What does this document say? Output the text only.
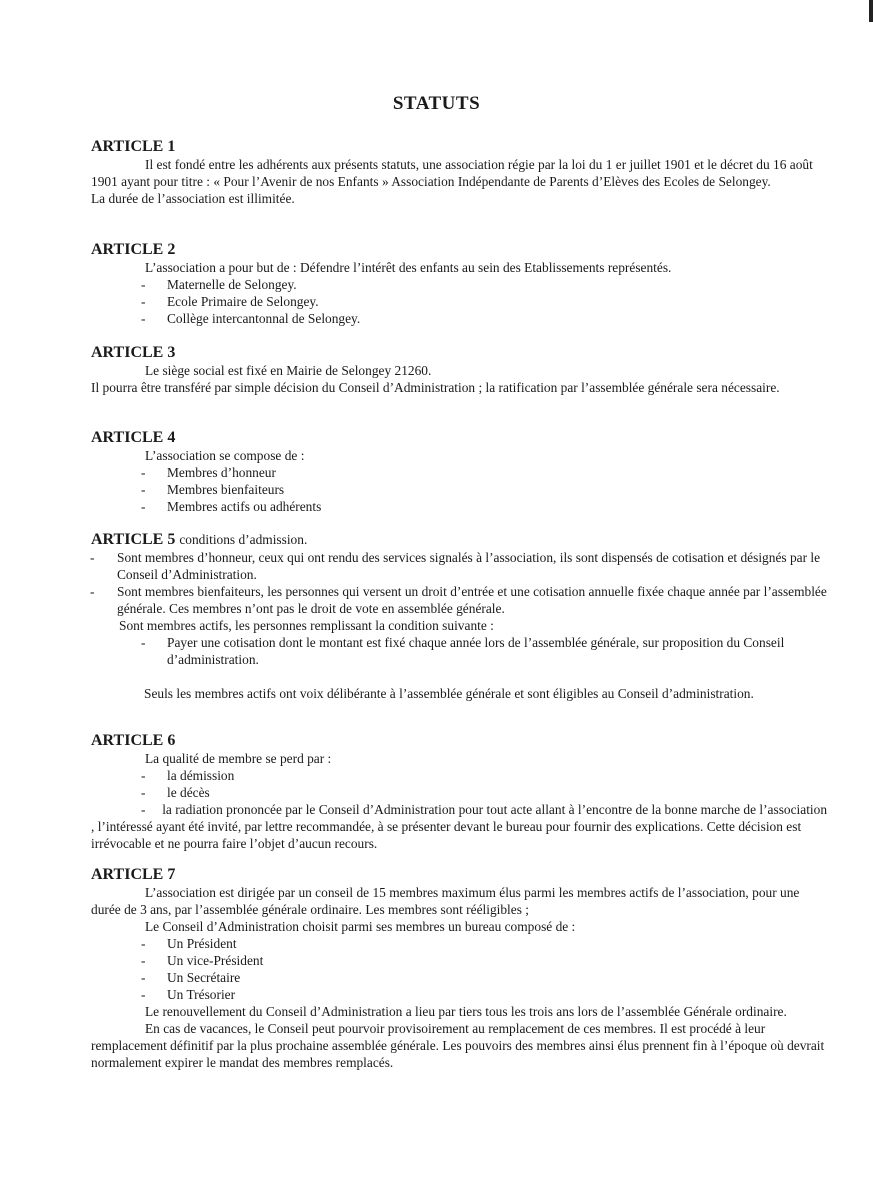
STATUTS
ARTICLE 1

Il est fondé entre les adhérents aux présents statuts, une association régie par la loi du 1 er juillet 1901 et le décret du 16 août 1901 ayant pour titre : « Pour l’Avenir de nos Enfants » Association Indépendante de Parents d’Elèves des Ecoles de Selongey.

La durée de l’association est illimitée.

ARTICLE 2

L’association a pour but de : Défendre l’intérêt des enfants au sein des Etablissements représentés.

- Maternelle de Selongey.

- Ecole Primaire de Selongey.

- Collège intercantonnal de Selongey.

ARTICLE 3

Le siège social est fixé en Mairie de Selongey 21260.

Il pourra être transféré par simple décision du Conseil d’Administration ; la ratification par l’assemblée générale sera nécessaire.

ARTICLE 4

L’association se compose de :

- Membres d’honneur

- Membres bienfaiteurs

- Membres actifs ou adhérents

ARTICLE 5 conditions d’admission.

- Sont membres d’honneur, ceux qui ont rendu des services signalés à l’association, ils sont dispensés de cotisation et désignés par le Conseil d’Administration.

- Sont membres bienfaiteurs, les personnes qui versent un droit d’entrée et une cotisation annuelle fixée chaque année par l’assemblée générale. Ces membres n’ont pas le droit de vote en assemblée générale.

Sont membres actifs, les personnes remplissant la condition suivante :

- Payer une cotisation dont le montant est fixé chaque année lors de l’assemblée générale, sur proposition du Conseil d’administration.

Seuls les membres actifs ont voix délibérante à l’assemblée générale et sont éligibles au Conseil d’administration.

ARTICLE 6

La qualité de membre se perd par :

- la démission

- le décès

-     la radiation prononcée par le Conseil d’Administration pour tout acte allant à l’encontre de la bonne marche de l’association , l’intéressé ayant été invité, par lettre recommandée, à se présenter devant le bureau pour fournir des explications. Cette décision est irrévocable et ne pourra faire l’objet d’aucun recours.

ARTICLE 7

L’association est dirigée par un conseil de 15 membres maximum élus parmi les membres actifs de l’association, pour une durée de 3 ans, par l’assemblée générale ordinaire. Les membres sont rééligibles ;

Le Conseil d’Administration choisit parmi ses membres un bureau composé de :

- Un Président

- Un vice-Président

- Un Secrétaire

- Un Trésorier

Le renouvellement du Conseil d’Administration a lieu par tiers tous les trois ans lors de l’assemblée Générale ordinaire.

En cas de vacances, le Conseil peut pourvoir provisoirement au remplacement de ces membres. Il est procédé à leur remplacement définitif par la plus prochaine assemblée générale. Les pouvoirs des membres ainsi élus prennent fin à l’époque où devrait normalement expirer le mandat des membres remplacés.
